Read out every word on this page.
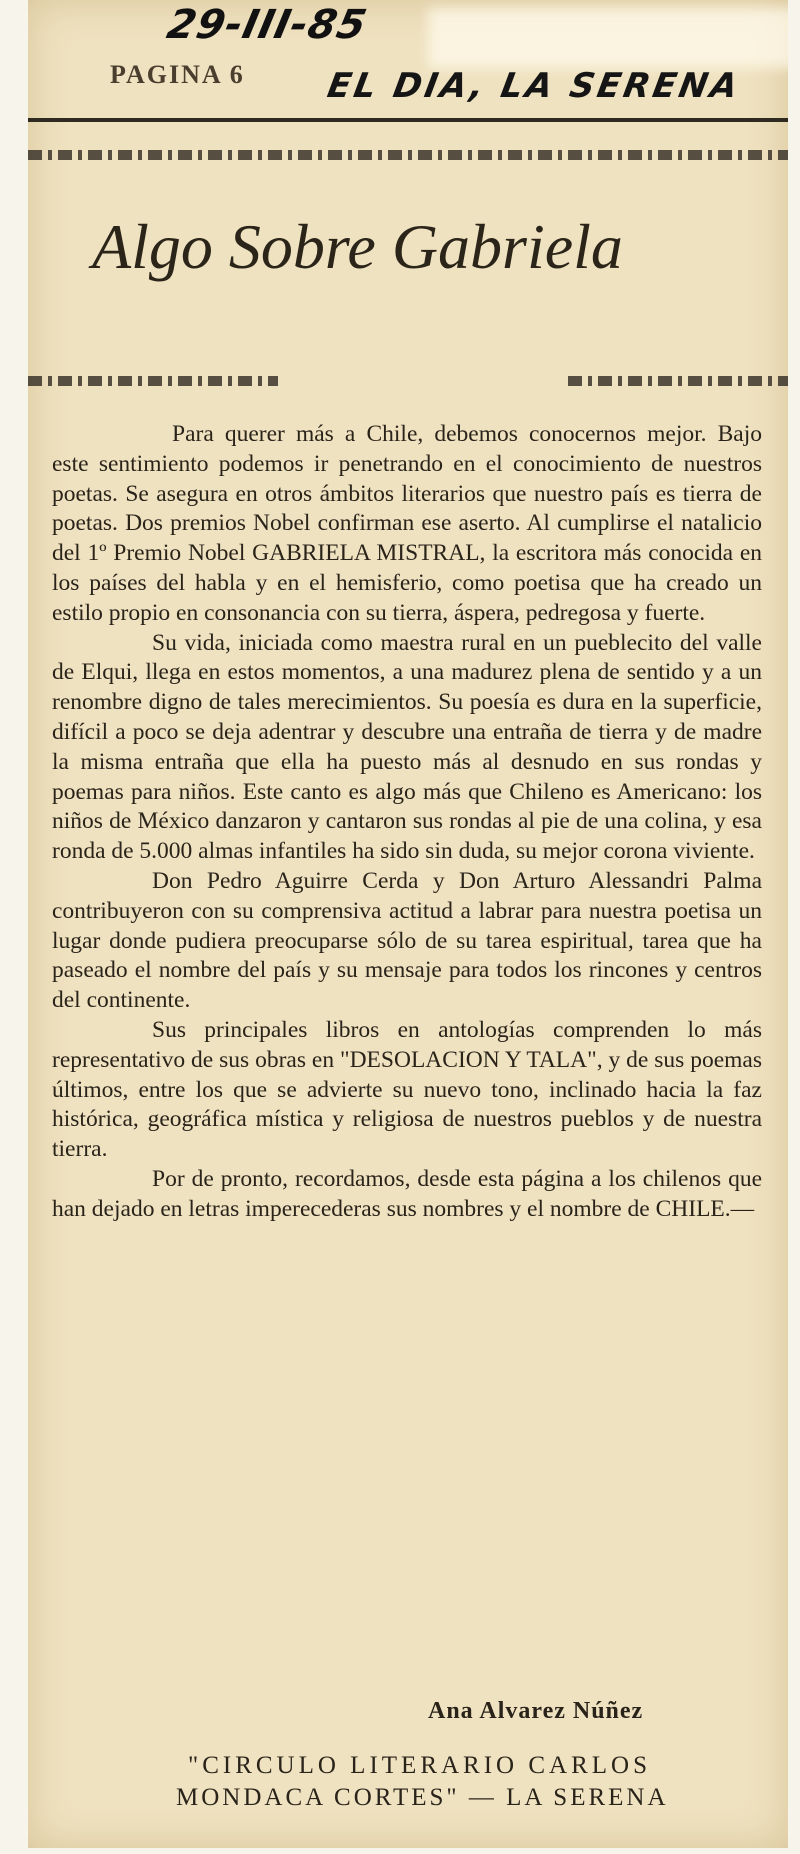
29-III-85
PAGINA 6 EL DIA, LA SERENA
Algo Sobre Gabriela

Para querer más a Chile, debemos conocernos mejor. Bajo este sentimiento podemos ir penetrando en el conocimiento de nuestros poetas. Se asegura en otros ámbitos literarios que nuestro país es tierra de poetas. Dos premios Nobel confirman ese aserto. Al cumplirse el natalicio del 1º Premio Nobel GABRIELA MISTRAL, la escritora más conocida en los países del habla y en el hemisferio, como poetisa que ha creado un estilo propio en consonancia con su tierra, áspera, pedregosa y fuerte.

Su vida, iniciada como maestra rural en un pueblecito del valle de Elqui, llega en estos momentos, a una madurez plena de sentido y a un renombre digno de tales merecimientos. Su poesía es dura en la superficie, difícil a poco se deja adentrar y descubre una entraña de tierra y de madre la misma entraña que ella ha puesto más al desnudo en sus rondas y poemas para niños. Este canto es algo más que Chileno es Americano: los niños de México danzaron y cantaron sus rondas al pie de una colina, y esa ronda de 5.000 almas infantiles ha sido sin duda, su mejor corona viviente.

Don Pedro Aguirre Cerda y Don Arturo Alessandri Palma contribuyeron con su comprensiva actitud a labrar para nuestra poetisa un lugar donde pudiera preocuparse sólo de su tarea espiritual, tarea que ha paseado el nombre del país y su mensaje para todos los rincones y centros del continente.

Sus principales libros en antologías comprenden lo más representativo de sus obras en "DESOLACION Y TALA", y de sus poemas últimos, entre los que se advierte su nuevo tono, inclinado hacia la faz histórica, geográfica mística y religiosa de nuestros pueblos y de nuestra tierra.

Por de pronto, recordamos, desde esta página a los chilenos que han dejado en letras imperecederas sus nombres y el nombre de CHILE.—

Ana Alvarez Núñez
"CIRCULO LITERARIO CARLOS
MONDACA CORTES" — LA SERENA
